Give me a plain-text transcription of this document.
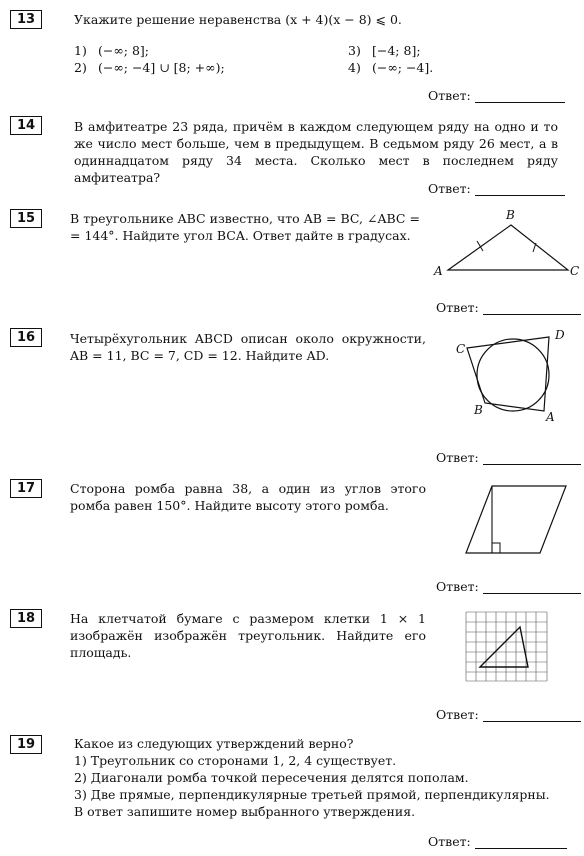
13	Укажите решение неравенства (x + 4)(x − 8) ⩽ 0.
1) (−∞; 8];
2) (−∞; −4] ∪ [8; +∞);
3) [−4; 8];
4) (−∞; −4].
Ответ:
14	В амфитеатре 23 ряда, причём в каждом следующем ряду на одно и то же число мест больше, чем в предыдущем. В седьмом ряду 26 мест, а в одиннадцатом ряду 34 места. Сколько мест в последнем ряду амфитеатра?
Ответ:
15	В треугольнике ABC известно, что AB = BC, ∠ABC = = 144°. Найдите угол BCA. Ответ дайте в градусах.
A
B
C
Ответ:
16	Четырёхугольник ABCD описан около окружности, AB = 11, BC = 7, CD = 12. Найдите AD.	C
D
B	A
Ответ:
17	Сторона ромба равна 38, а один из углов этого ромба равен 150°. Найдите высоту этого ромба.
Ответ:
18	На клетчатой бумаге с размером клетки 1 × 1 изображён изображён треугольник. Найдите его площадь.
Ответ:
19	Какое из следующих утверждений верно?
1) Треугольник со сторонами 1, 2, 4 существует.
2) Диагонали ромба точкой пересечения делятся пополам.
3) Две прямые, перпендикулярные третьей прямой, перпендикулярны.
В ответ запишите номер выбранного утверждения.
Ответ:
